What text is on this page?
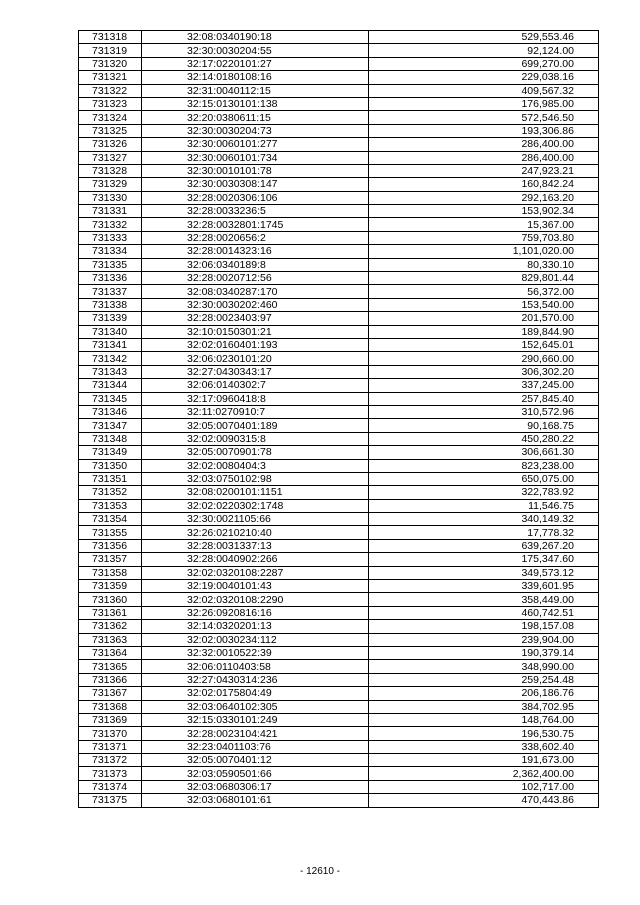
731318	32:08:0340190:18	529,553.46
731319	32:30:0030204:55	92,124.00
731320	32:17:0220101:27	699,270.00
731321	32:14:0180108:16	229,038.16
731322	32:31:0040112:15	409,567.32
731323	32:15:0130101:138	176,985.00
731324	32:20:0380611:15	572,546.50
731325	32:30:0030204:73	193,306.86
731326	32:30:0060101:277	286,400.00
731327	32:30:0060101:734	286,400.00
731328	32:30:0010101:78	247,923.21
731329	32:30:0030308:147	160,842.24
731330	32:28:0020306:106	292,163.20
731331	32:28:0033236:5	153,902.34
731332	32:28:0032801:1745	15,367.00
731333	32:28:0020656:2	759,703.80
731334	32:28:0014323:16	1,101,020.00
731335	32:06:0340189:8	80,330.10
731336	32:28:0020712:56	829,801.44
731337	32:08:0340287:170	56,372.00
731338	32:30:0030202:460	153,540.00
731339	32:28:0023403:97	201,570.00
731340	32:10:0150301:21	189,844.90
731341	32:02:0160401:193	152,645.01
731342	32:06:0230101:20	290,660.00
731343	32:27:0430343:17	306,302.20
731344	32:06:0140302:7	337,245.00
731345	32:17:0960418:8	257,845.40
731346	32:11:0270910:7	310,572.96
731347	32:05:0070401:189	90,168.75
731348	32:02:0090315:8	450,280.22
731349	32:05:0070901:78	306,661.30
731350	32:02:0080404:3	823,238.00
731351	32:03:0750102:98	650,075.00
731352	32:08:0200101:1151	322,783.92
731353	32:02:0220302:1748	11,546.75
731354	32:30:0021105:66	340,149.32
731355	32:26:0210210:40	17,778.32
731356	32:28:0031337:13	639,267.20
731357	32:28:0040902:266	175,347.60
731358	32:02:0320108:2287	349,573.12
731359	32:19:0040101:43	339,601.95
731360	32:02:0320108:2290	358,449.00
731361	32:26:0920816:16	460,742.51
731362	32:14:0320201:13	198,157.08
731363	32:02:0030234:112	239,904.00
731364	32:32:0010522:39	190,379.14
731365	32:06:0110403:58	348,990.00
731366	32:27:0430314:236	259,254.48
731367	32:02:0175804:49	206,186.76
731368	32:03:0640102:305	384,702.95
731369	32:15:0330101:249	148,764.00
731370	32:28:0023104:421	196,530.75
731371	32:23:0401103:76	338,602.40
731372	32:05:0070401:12	191,673.00
731373	32:03:0590501:66	2,362,400.00
731374	32:03:0680306:17	102,717.00
731375	32:03:0680101:61	470,443.86
- 12610 -
